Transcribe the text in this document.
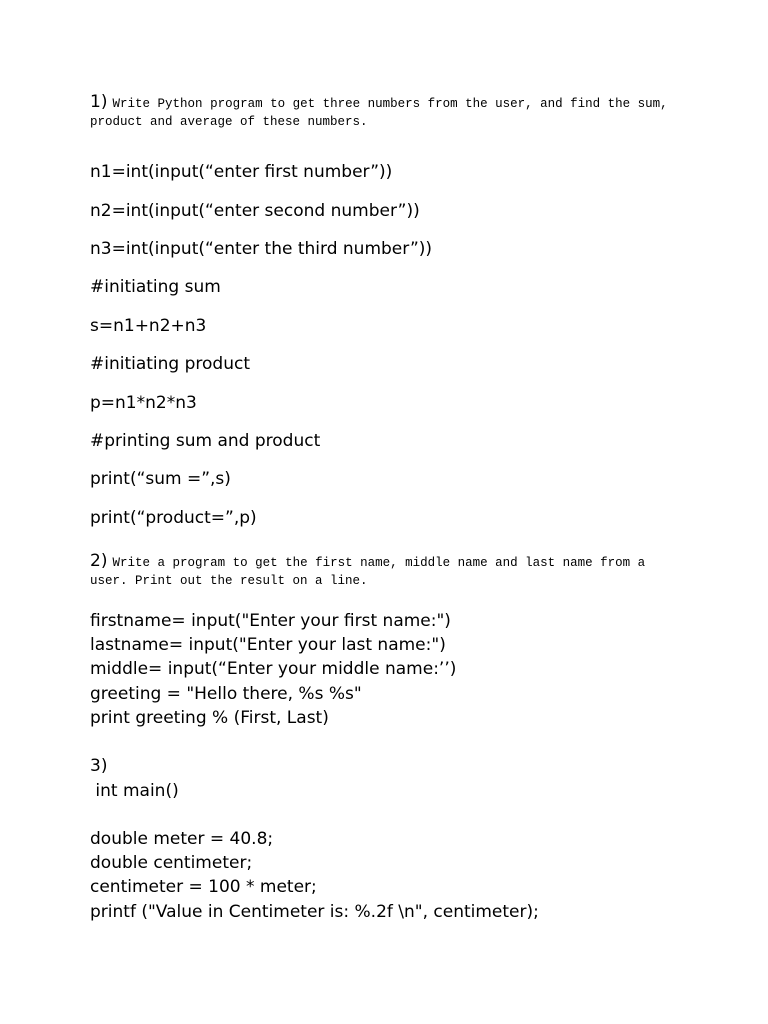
1) Write Python program to get three numbers from the user, and find the sum, product and average of these numbers.

n1=int(input(“enter first number”))
n2=int(input(“enter second number”))
n3=int(input(“enter the third number”))
#initiating sum
s=n1+n2+n3
#initiating product
p=n1*n2*n3
#printing sum and product
print(“sum =”,s)
print(“product=”,p)

2) Write a program to get the first name, middle name and last name from a user. Print out the result on a line.

firstname= input("Enter your first name:")
lastname= input("Enter your last name:")
middle= input(“Enter your middle name:’’)
greeting = "Hello there, %s %s"
print greeting % (First, Last)
3)
int main()
double meter = 40.8;
double centimeter;
centimeter = 100 * meter;
printf ("Value in Centimeter is: %.2f \n", centimeter);
